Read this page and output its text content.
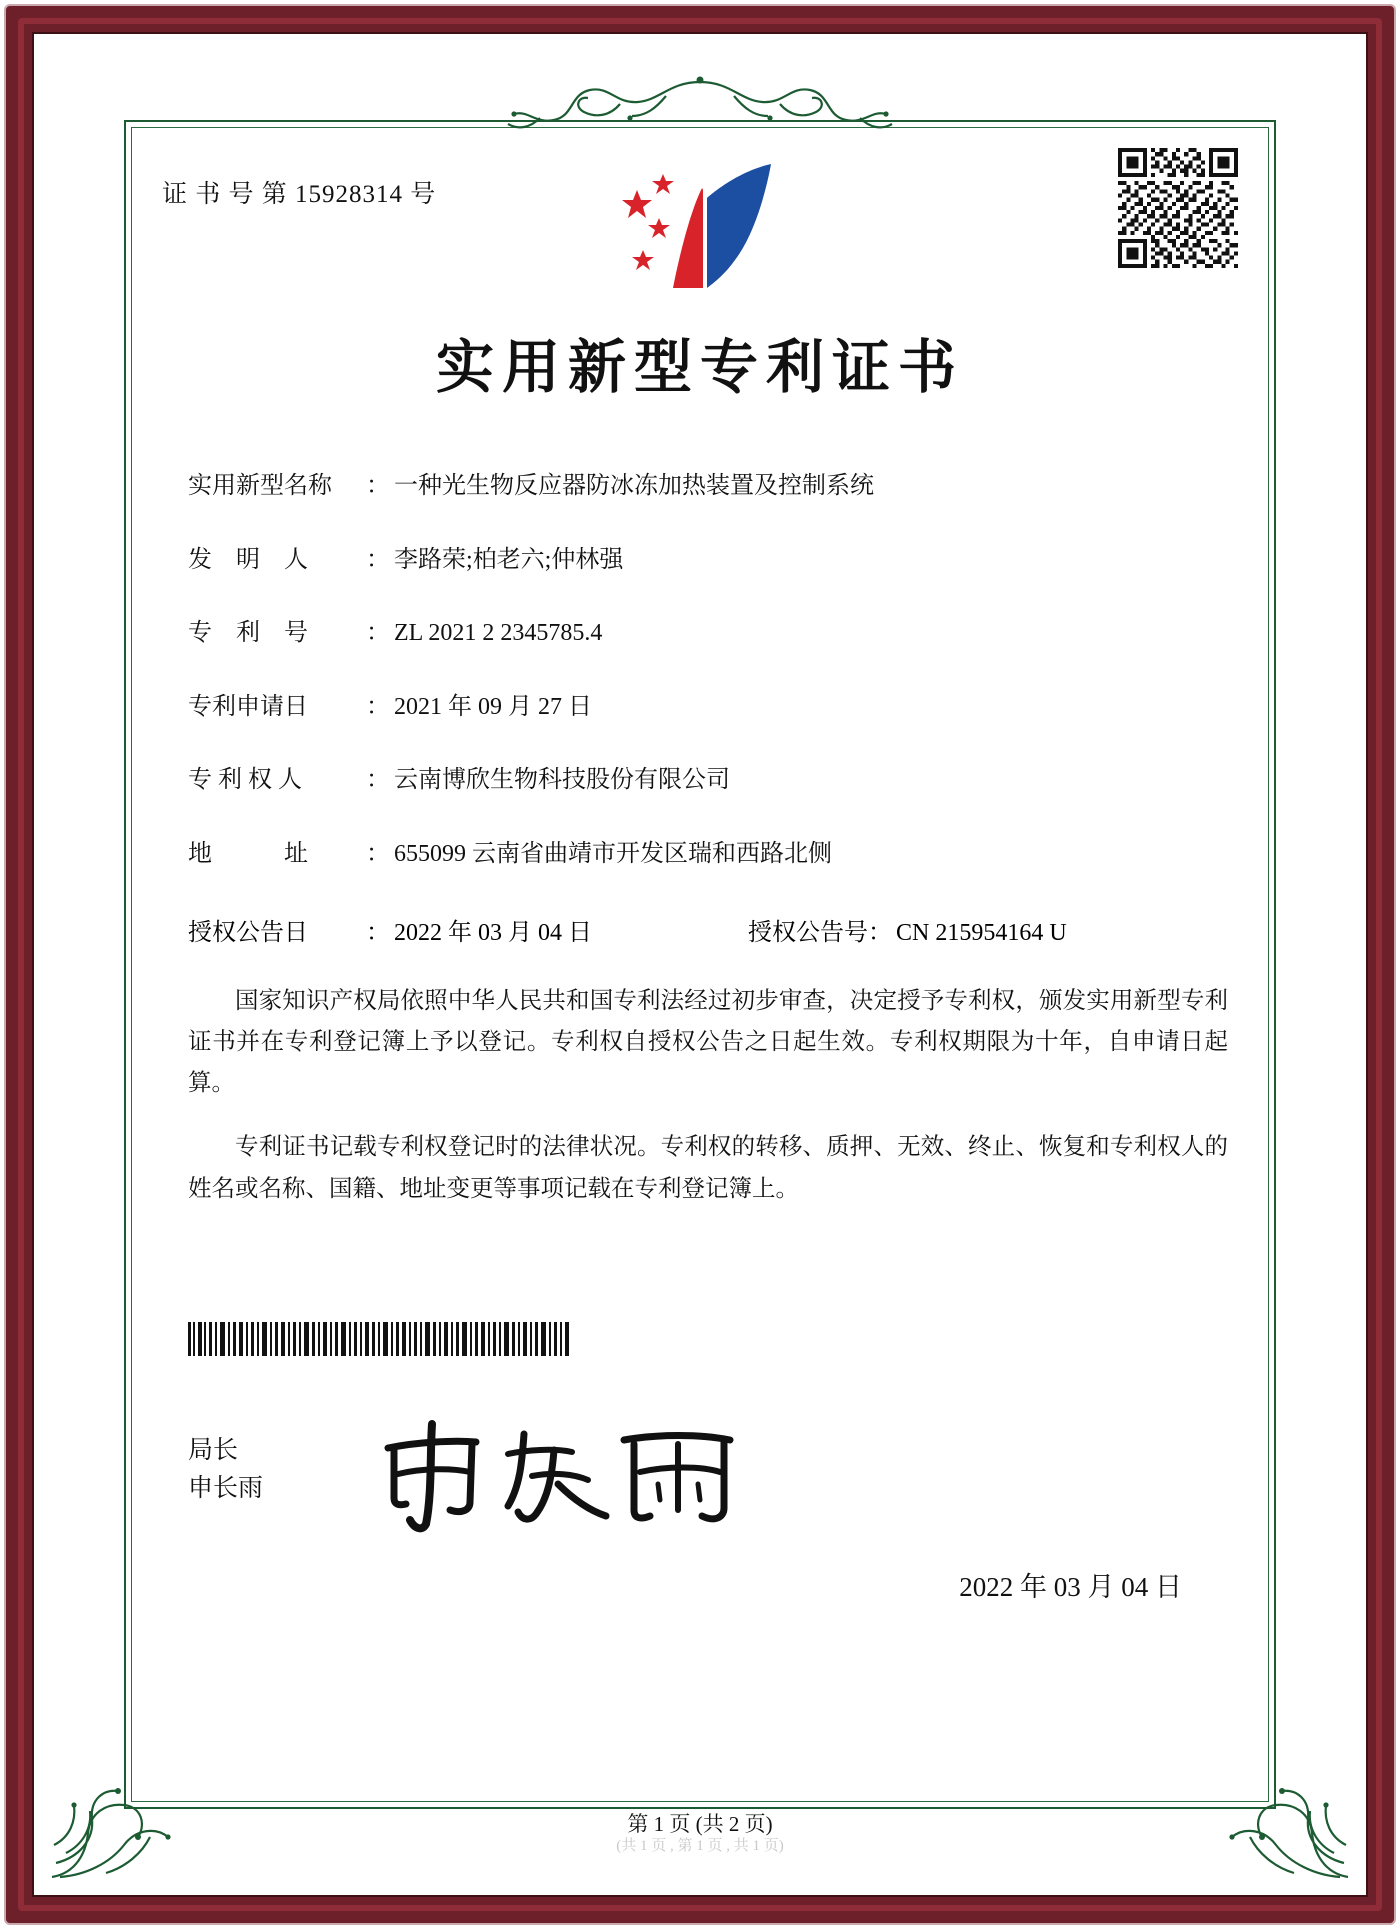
证 书 号 第 15928314 号
实用新型专利证书
实用新型名称	： 一种光生物反应器防冰冻加热装置及控制系统
发　明　人	： 李路荣;柏老六;仲林强
专　利　号	： ZL 2021 2 2345785.4
专利申请日	： 2021 年 09 月 27 日
专 利 权 人	： 云南博欣生物科技股份有限公司
地　　　址	： 655099 云南省曲靖市开发区瑞和西路北侧
授权公告日	： 2022 年 03 月 04 日	授权公告号 ： CN 215954164 U

国家知识产权局依照中华人民共和国专利法经过初步审查，决定授予专利权，颁发实用新型专利证书并在专利登记簿上予以登记。专利权自授权公告之日起生效。专利权期限为十年，自申请日起算。

专利证书记载专利权登记时的法律状况。专利权的转移、质押、无效、终止、恢复和专利权人的姓名或名称、国籍、地址变更等事项记载在专利登记簿上。

局长
申长雨
2022 年 03 月 04 日
第 1 页 (共 2 页)
(共 1 页 , 第 1 页 , 共 1 页)
